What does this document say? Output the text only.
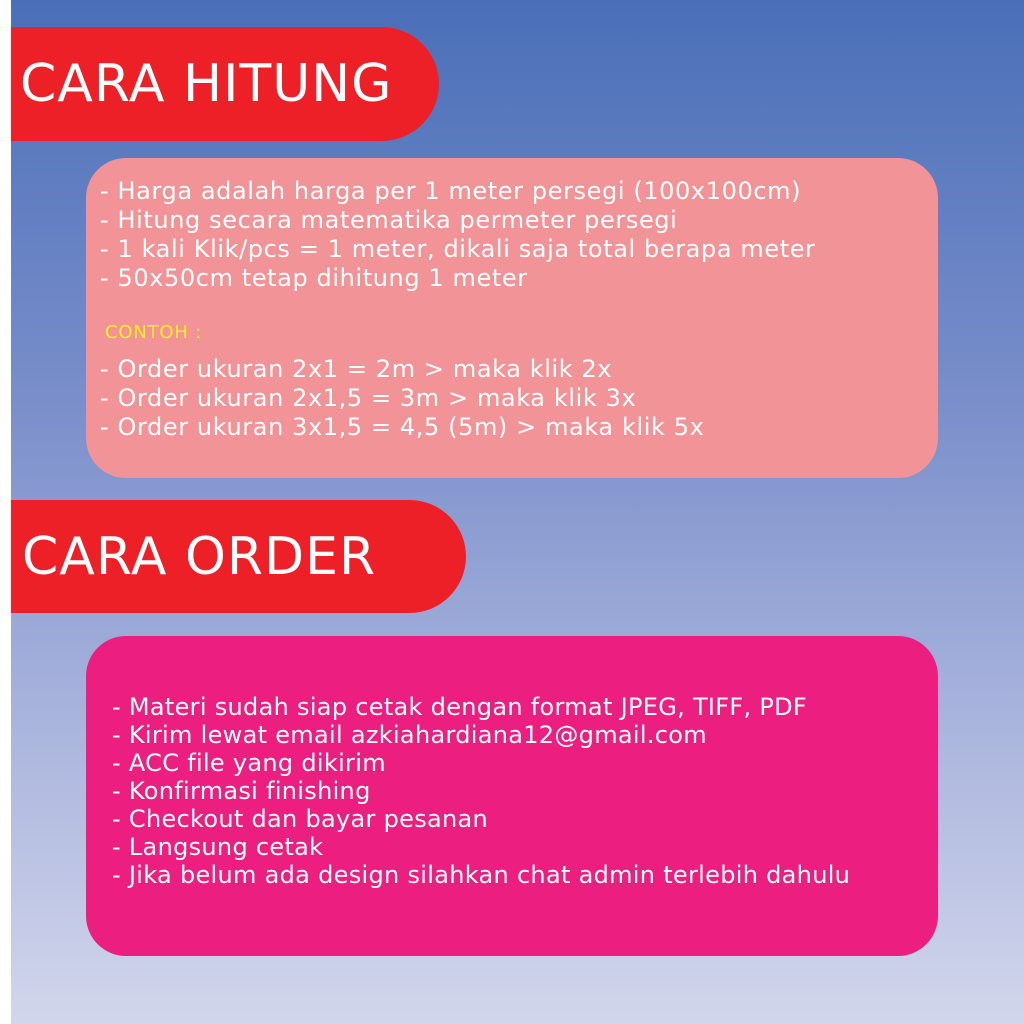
CARA HITUNG
- Harga adalah harga per 1 meter persegi (100x100cm)
- Hitung secara matematika permeter persegi
- 1 kali Klik/pcs = 1 meter, dikali saja total berapa meter
- 50x50cm tetap dihitung 1 meter
CONTOH :
- Order ukuran 2x1 = 2m > maka klik 2x
- Order ukuran 2x1,5 = 3m > maka klik 3x
- Order ukuran 3x1,5 = 4,5 (5m) > maka klik 5x
CARA ORDER
- Materi sudah siap cetak dengan format JPEG, TIFF, PDF
- Kirim lewat email azkiahardiana12@gmail.com
- ACC file yang dikirim
- Konfirmasi finishing
- Checkout dan bayar pesanan
- Langsung cetak
- Jika belum ada design silahkan chat admin terlebih dahulu
